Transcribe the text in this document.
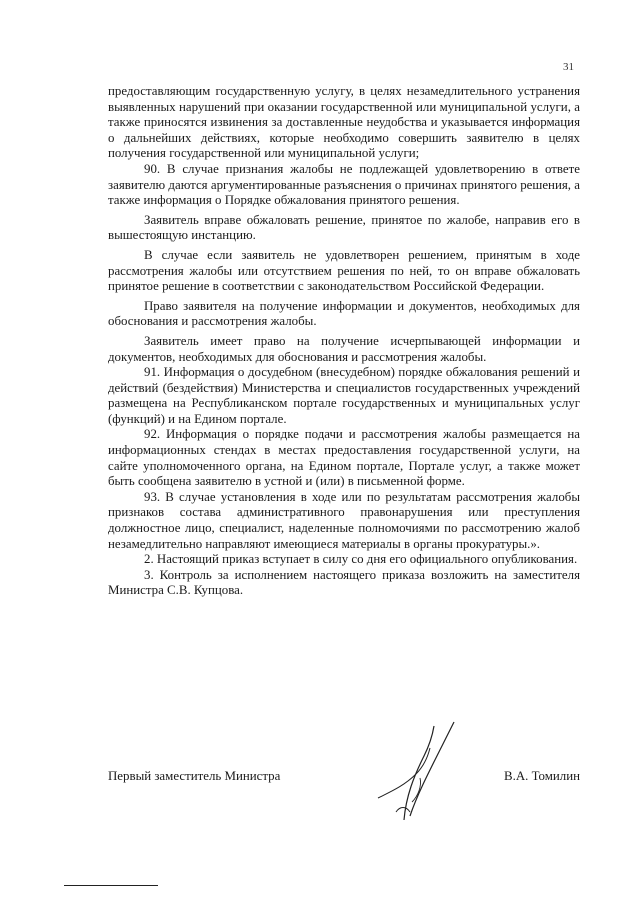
31

предоставляющим государственную услугу, в целях незамедлительного устранения выявленных нарушений при оказании государственной или муниципальной услуги, а также приносятся извинения за доставленные неудобства и указывается информация о дальнейших действиях, которые необходимо совершить заявителю в целях получения государственной или муниципальной услуги;

90. В случае признания жалобы не подлежащей удовлетворению в ответе заявителю даются аргументированные разъяснения о причинах принятого решения, а также информация о Порядке обжалования принятого решения.

Заявитель вправе обжаловать решение, принятое по жалобе, направив его в вышестоящую инстанцию.

В случае если заявитель не удовлетворен решением, принятым в ходе рассмотрения жалобы или отсутствием решения по ней, то он вправе обжаловать принятое решение в соответствии с законодательством Российской Федерации.

Право заявителя на получение информации и документов, необходимых для обоснования и рассмотрения жалобы.

Заявитель имеет право на получение исчерпывающей информации и документов, необходимых для обоснования и рассмотрения жалобы.

91. Информация о досудебном (внесудебном) порядке обжалования решений и действий (бездействия) Министерства и специалистов государственных учреждений размещена на Республиканском портале государственных и муниципальных услуг (функций) и на Едином портале.

92. Информация о порядке подачи и рассмотрения жалобы размещается на информационных стендах в местах предоставления государственной услуги, на сайте уполномоченного органа, на Едином портале, Портале услуг, а также может быть сообщена заявителю в устной и (или) в письменной форме.

93. В случае установления в ходе или по результатам рассмотрения жалобы признаков состава административного правонарушения или преступления должностное лицо, специалист, наделенные полномочиями по рассмотрению жалоб незамедлительно направляют имеющиеся материалы в органы прокуратуры.».

2. Настоящий приказ вступает в силу со дня его официального опубликования.

3. Контроль за исполнением настоящего приказа возложить на заместителя Министра С.В. Купцова.

Первый заместитель Министра	В.А. Томилин
